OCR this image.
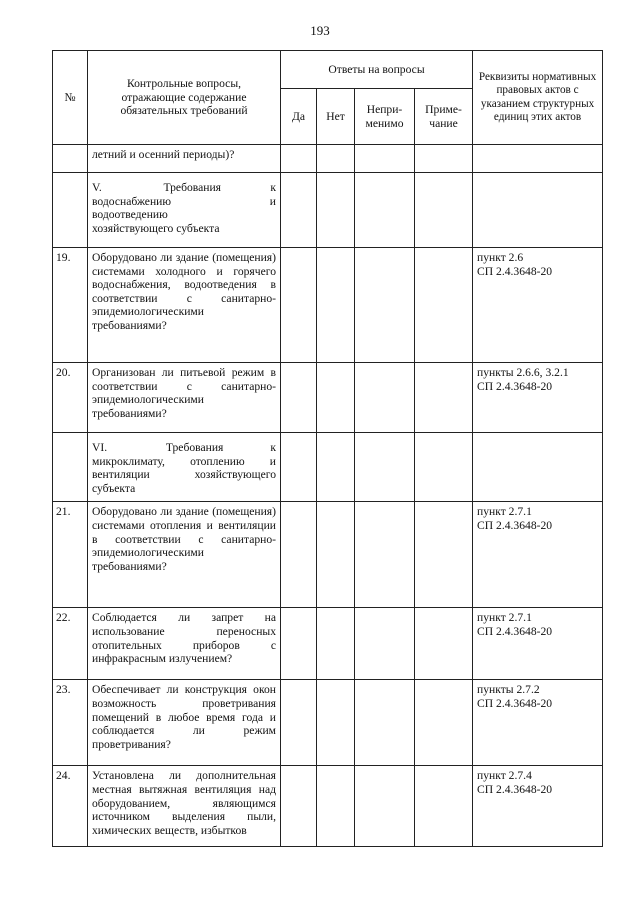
193
№	Контрольные вопросы, отражающие содержание обязательных требований	Ответы на вопросы				Реквизиты нормативных правовых актов с указанием структурных единиц этих актов
		Да	Нет	Непри-менимо	Приме-чание	
	летний и осенний периоды)?					

	V.          Требования        к
водоснабжению      и
водоотведению
хозяйствующего субъекта					

19.	Оборудовано ли здание (помещения) системами холодного и горячего водоснабжения, водоотведения в соответствии с санитарно-эпидемиологическими требованиями?					пункт 2.6
СП 2.4.3648-20

20.	Организован ли питьевой режим в соответствии с санитарно-эпидемиологическими требованиями?					пункты 2.6.6, 3.2.1
СП 2.4.3648-20

	VI.          Требования        к
микроклимату, отоплению и
вентиляции хозяйствующего
субъекта					

21.	Оборудовано ли здание (помещения) системами отопления и вентиляции в соответствии с санитарно-эпидемиологическими требованиями?					пункт 2.7.1
СП 2.4.3648-20

22.	Соблюдается ли запрет на использование переносных отопительных приборов с инфракрасным излучением?					пункт 2.7.1
СП 2.4.3648-20

23.	Обеспечивает ли конструкция окон возможность проветривания помещений в любое время года и соблюдается ли режим проветривания?					пункты 2.7.2
СП 2.4.3648-20

24.	Установлена ли дополнительная местная вытяжная вентиляция над оборудованием, являющимся источником выделения пыли, химических веществ, избытков					пункт 2.7.4
СП 2.4.3648-20
